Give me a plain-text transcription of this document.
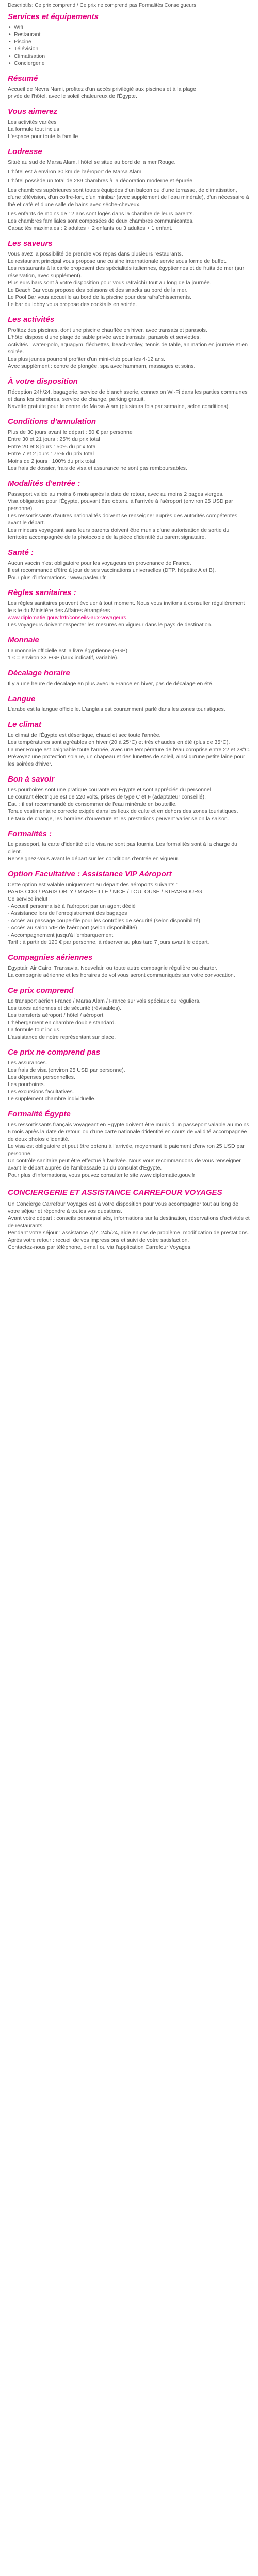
Descriptifs: Ce prix comprend / Ce prix ne comprend pas Formalités Conseigueurs

Services et équipements
• Wifi
• Restaurant
• Piscine
• Télévision
• Climatisation
• Conciergerie
Résumé

Accueil de Nevra Nami, profitez d'un accès privilégié aux piscines et à la plage

privée de l'hôtel, avec le soleil chaleureux de l'Égypte.

Vous aimerez

Les activités variées

La formule tout inclus

L'espace pour toute la famille

Lodresse

Situé au sud de Marsa Alam, l'hôtel se situe au bord de la mer Rouge.

L'hôtel est à environ 30 km de l'aéroport de Marsa Alam.

L'hôtel possède un total de 289 chambres à la décoration moderne et épurée.

Les chambres supérieures sont toutes équipées d'un balcon ou d'une terrasse, de climatisation, d'une télévision, d'un coffre-fort, d'un minibar (avec supplément de l'eau minérale), d'un nécessaire à thé et café et d'une salle de bains avec sèche-cheveux.

Les enfants de moins de 12 ans sont logés dans la chambre de leurs parents.

Les chambres familiales sont composées de deux chambres communicantes.

Capacités maximales : 2 adultes + 2 enfants ou 3 adultes + 1 enfant.

Les saveurs

Vous avez la possibilité de prendre vos repas dans plusieurs restaurants.

Le restaurant principal vous propose une cuisine internationale servie sous forme de buffet.

Les restaurants à la carte proposent des spécialités italiennes, égyptiennes et de fruits de mer (sur réservation, avec supplément).

Plusieurs bars sont à votre disposition pour vous rafraîchir tout au long de la journée.

Le Beach Bar vous propose des boissons et des snacks au bord de la mer.

Le Pool Bar vous accueille au bord de la piscine pour des rafraîchissements.

Le bar du lobby vous propose des cocktails en soirée.

Les activités

Profitez des piscines, dont une piscine chauffée en hiver, avec transats et parasols.

L'hôtel dispose d'une plage de sable privée avec transats, parasols et serviettes.

Activités : water-polo, aquagym, fléchettes, beach-volley, tennis de table, animation en journée et en soirée.

Les plus jeunes pourront profiter d'un mini-club pour les 4-12 ans.

Avec supplément : centre de plongée, spa avec hammam, massages et soins.

À votre disposition

Réception 24h/24, bagagerie, service de blanchisserie, connexion Wi-Fi dans les parties communes et dans les chambres, service de change, parking gratuit.

Navette gratuite pour le centre de Marsa Alam (plusieurs fois par semaine, selon conditions).

Conditions d'annulation

Plus de 30 jours avant le départ : 50 € par personne

Entre 30 et 21 jours : 25% du prix total

Entre 20 et 8 jours : 50% du prix total

Entre 7 et 2 jours : 75% du prix total

Moins de 2 jours : 100% du prix total

Les frais de dossier, frais de visa et assurance ne sont pas remboursables.

Modalités d'entrée :

Passeport valide au moins 6 mois après la date de retour, avec au moins 2 pages vierges.

Visa obligatoire pour l'Égypte, pouvant être obtenu à l'arrivée à l'aéroport (environ 25 USD par personne).

Les ressortissants d'autres nationalités doivent se renseigner auprès des autorités compétentes avant le départ.

Les mineurs voyageant sans leurs parents doivent être munis d'une autorisation de sortie du territoire accompagnée de la photocopie de la pièce d'identité du parent signataire.

Santé :

Aucun vaccin n'est obligatoire pour les voyageurs en provenance de France.

Il est recommandé d'être à jour de ses vaccinations universelles (DTP, hépatite A et B).

Pour plus d'informations : www.pasteur.fr

Règles sanitaires :

Les règles sanitaires peuvent évoluer à tout moment. Nous vous invitons à consulter régulièrement le site du Ministère des Affaires étrangères :

www.diplomatie.gouv.fr/fr/conseils-aux-voyageurs

Les voyageurs doivent respecter les mesures en vigueur dans le pays de destination.

Monnaie

La monnaie officielle est la livre égyptienne (EGP).

1 € = environ 33 EGP (taux indicatif, variable).

Décalage horaire

Il y a une heure de décalage en plus avec la France en hiver, pas de décalage en été.

Langue

L'arabe est la langue officielle. L'anglais est couramment parlé dans les zones touristiques.

Le climat

Le climat de l'Égypte est désertique, chaud et sec toute l'année.

Les températures sont agréables en hiver (20 à 25°C) et très chaudes en été (plus de 35°C).

La mer Rouge est baignable toute l'année, avec une température de l'eau comprise entre 22 et 28°C.

Prévoyez une protection solaire, un chapeau et des lunettes de soleil, ainsi qu'une petite laine pour les soirées d'hiver.

Bon à savoir

Les pourboires sont une pratique courante en Égypte et sont appréciés du personnel.

Le courant électrique est de 220 volts, prises de type C et F (adaptateur conseillé).

Eau : il est recommandé de consommer de l'eau minérale en bouteille.

Tenue vestimentaire correcte exigée dans les lieux de culte et en dehors des zones touristiques.

Le taux de change, les horaires d'ouverture et les prestations peuvent varier selon la saison.

Formalités :

Le passeport, la carte d'identité et le visa ne sont pas fournis. Les formalités sont à la charge du client.

Renseignez-vous avant le départ sur les conditions d'entrée en vigueur.

Option Facultative : Assistance VIP Aéroport

Cette option est valable uniquement au départ des aéroports suivants :

PARIS CDG / PARIS ORLY / MARSEILLE / NICE / TOULOUSE / STRASBOURG

Ce service inclut :

- Accueil personnalisé à l'aéroport par un agent dédié

- Assistance lors de l'enregistrement des bagages

- Accès au passage coupe-file pour les contrôles de sécurité (selon disponibilité)

- Accès au salon VIP de l'aéroport (selon disponibilité)

- Accompagnement jusqu'à l'embarquement

Tarif : à partir de 120 € par personne, à réserver au plus tard 7 jours avant le départ.

Compagnies aériennes

Égyptair, Air Cairo, Transavia, Nouvelair, ou toute autre compagnie régulière ou charter.

La compagnie aérienne et les horaires de vol vous seront communiqués sur votre convocation.

Ce prix comprend

Le transport aérien France / Marsa Alam / France sur vols spéciaux ou réguliers.

Les taxes aériennes et de sécurité (révisables).

Les transferts aéroport / hôtel / aéroport.

L'hébergement en chambre double standard.

La formule tout inclus.

L'assistance de notre représentant sur place.

Ce prix ne comprend pas

Les assurances.

Les frais de visa (environ 25 USD par personne).

Les dépenses personnelles.

Les pourboires.

Les excursions facultatives.

Le supplément chambre individuelle.

Formalité Égypte

Les ressortissants français voyageant en Égypte doivent être munis d'un passeport valable au moins 6 mois après la date de retour, ou d'une carte nationale d'identité en cours de validité accompagnée de deux photos d'identité.

Le visa est obligatoire et peut être obtenu à l'arrivée, moyennant le paiement d'environ 25 USD par personne.

Un contrôle sanitaire peut être effectué à l'arrivée. Nous vous recommandons de vous renseigner avant le départ auprès de l'ambassade ou du consulat d'Égypte.

Pour plus d'informations, vous pouvez consulter le site www.diplomatie.gouv.fr

CONCIERGERIE ET ASSISTANCE CARREFOUR VOYAGES

Un Concierge Carrefour Voyages est à votre disposition pour vous accompagner tout au long de votre séjour et répondre à toutes vos questions.

Avant votre départ : conseils personnalisés, informations sur la destination, réservations d'activités et de restaurants.

Pendant votre séjour : assistance 7j/7, 24h/24, aide en cas de problème, modification de prestations.

Après votre retour : recueil de vos impressions et suivi de votre satisfaction.

Contactez-nous par téléphone, e-mail ou via l'application Carrefour Voyages.
